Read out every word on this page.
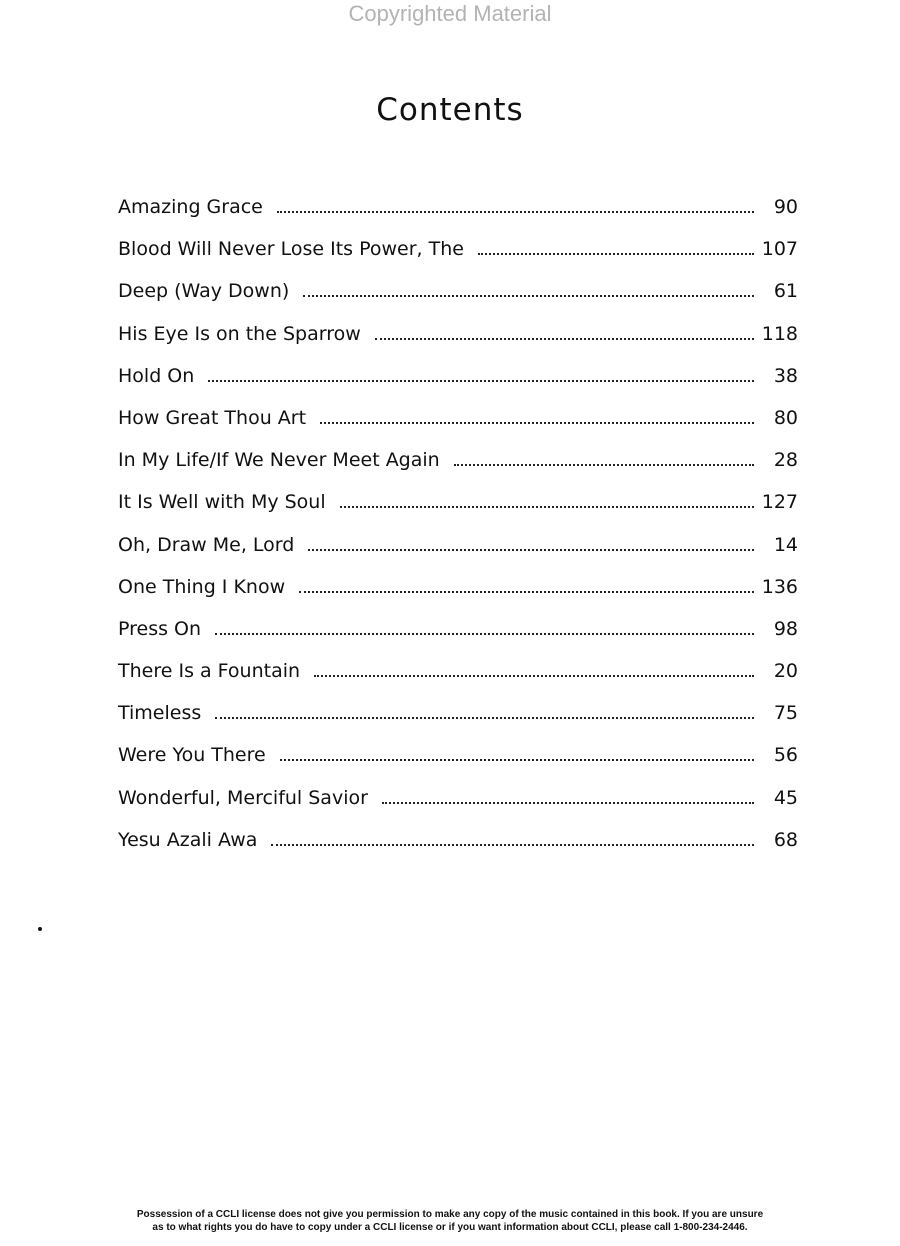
Copyrighted Material
Contents
Amazing Grace	90
Blood Will Never Lose Its Power, The	107
Deep (Way Down)	61
His Eye Is on the Sparrow	118
Hold On	38
How Great Thou Art	80
In My Life/If We Never Meet Again	28
It Is Well with My Soul	127
Oh, Draw Me, Lord	14
One Thing I Know	136
Press On	98
There Is a Fountain	20
Timeless	75
Were You There	56
Wonderful, Merciful Savior	45
Yesu Azali Awa	68
Possession of a CCLI license does not give you permission to make any copy of the music contained in this book. If you are unsure
as to what rights you do have to copy under a CCLI license or if you want information about CCLI, please call 1-800-234-2446.
